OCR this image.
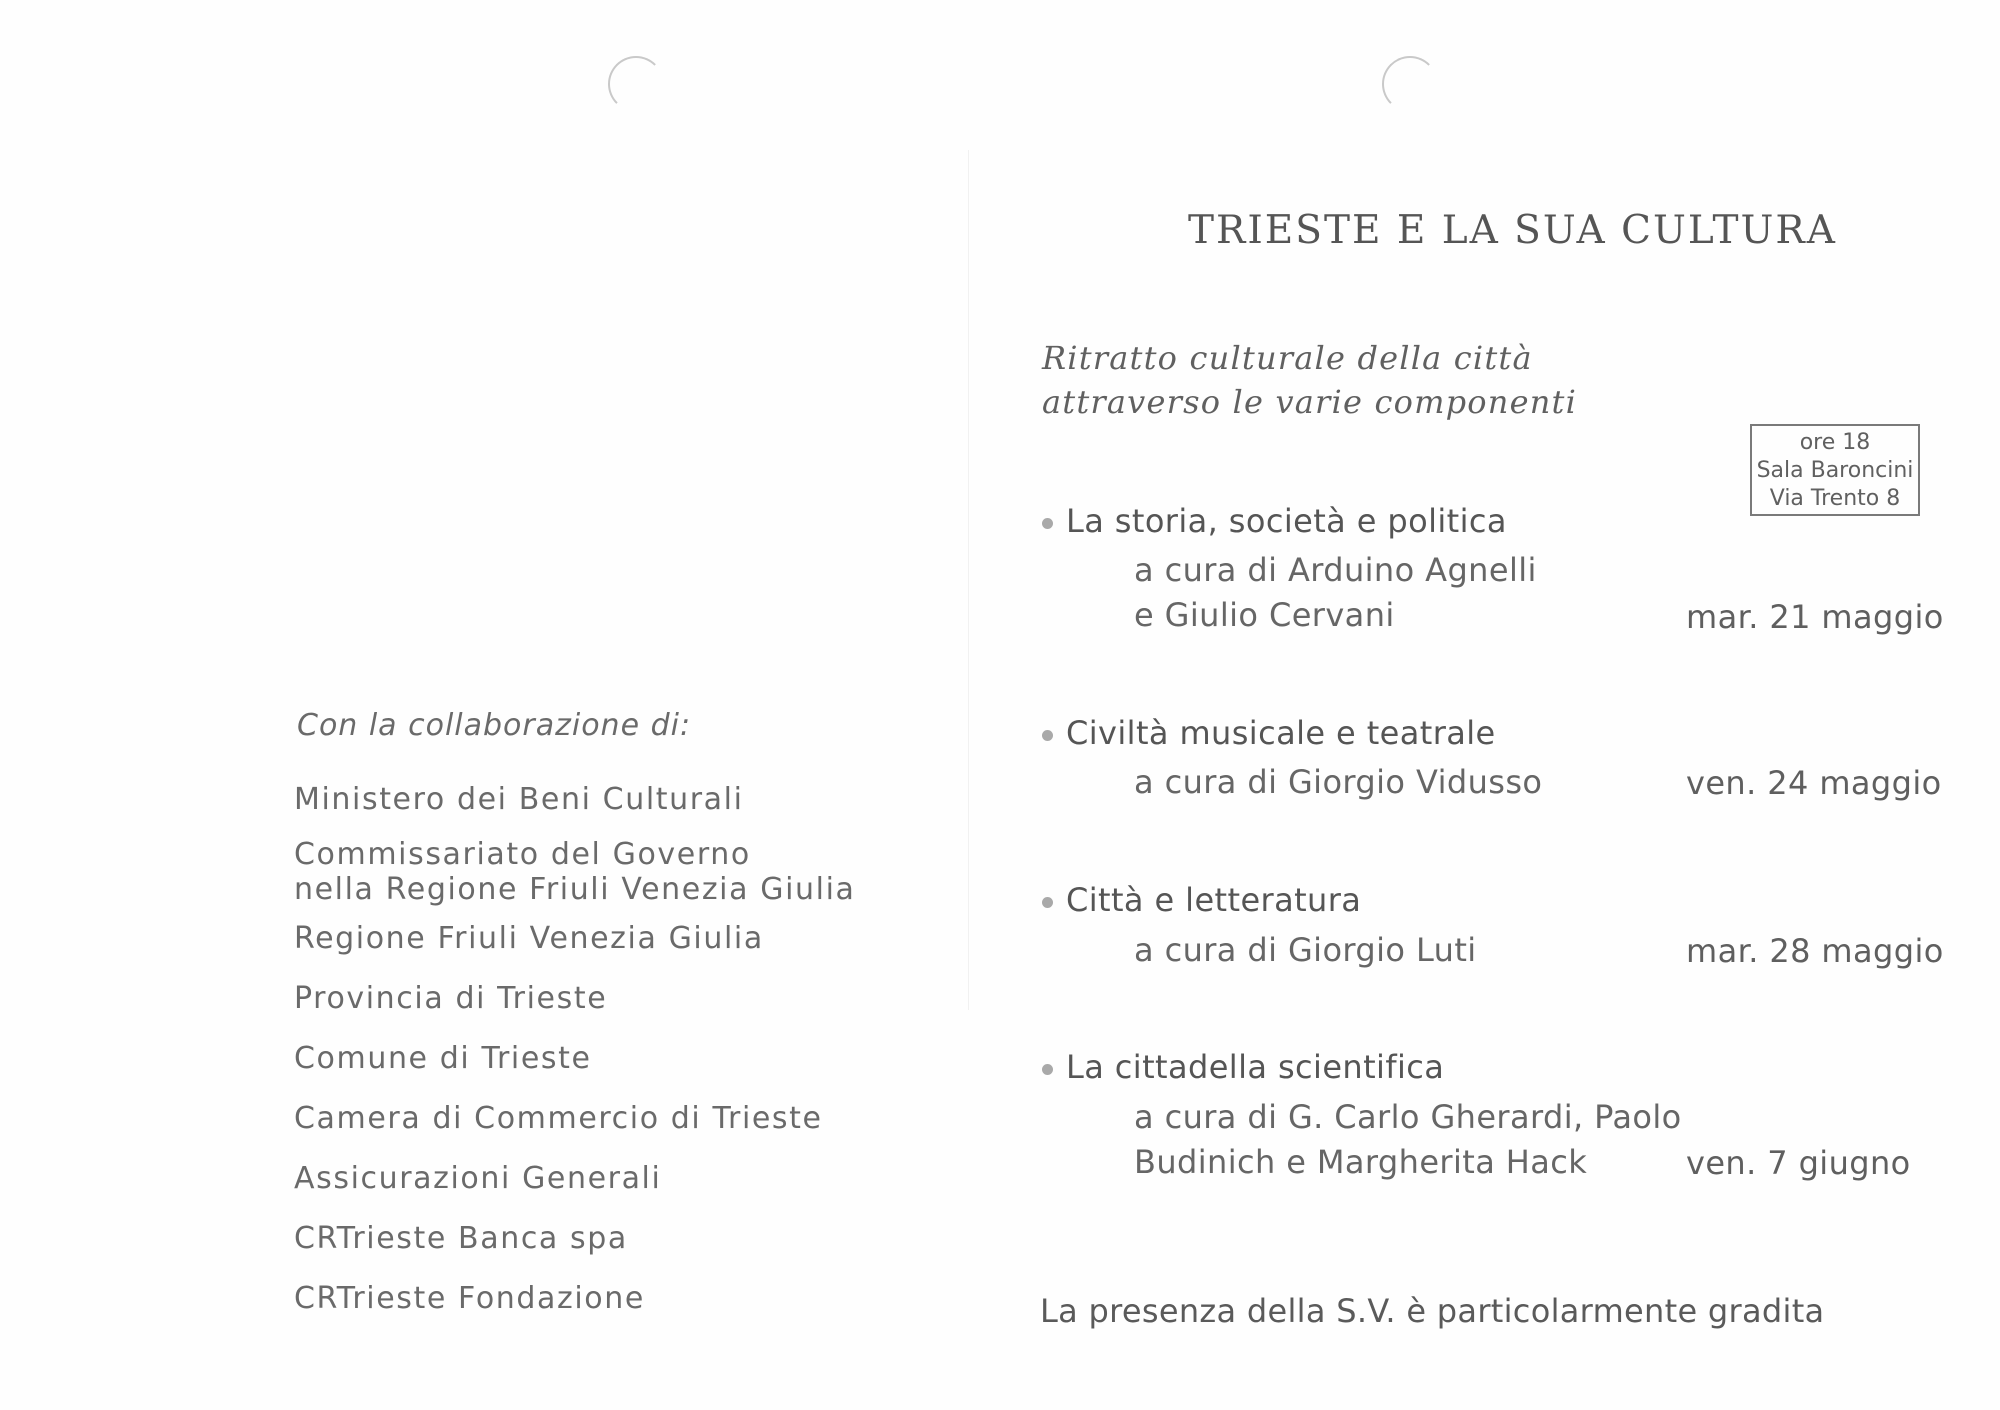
Con la collaborazione di:
Ministero dei Beni Culturali
Commissariato del Governo
nella Regione Friuli Venezia Giulia
Regione Friuli Venezia Giulia
Provincia di Trieste
Comune di Trieste
Camera di Commercio di Trieste
Assicurazioni Generali
CRTrieste Banca spa
CRTrieste Fondazione
TRIESTE E LA SUA CULTURA
Ritratto culturale della città
attraverso le varie componenti
ore 18
Sala Baroncini
Via Trento 8
La storia, società e politica
a cura di Arduino Agnelli
e Giulio Cervani	mar. 21 maggio
Civiltà musicale e teatrale
a cura di Giorgio Vidusso	ven. 24 maggio
Città e letteratura
a cura di Giorgio Luti	mar. 28 maggio
La cittadella scientifica
a cura di G. Carlo Gherardi, Paolo
Budinich e Margherita Hack	ven. 7 giugno
La presenza della S.V. è particolarmente gradita
